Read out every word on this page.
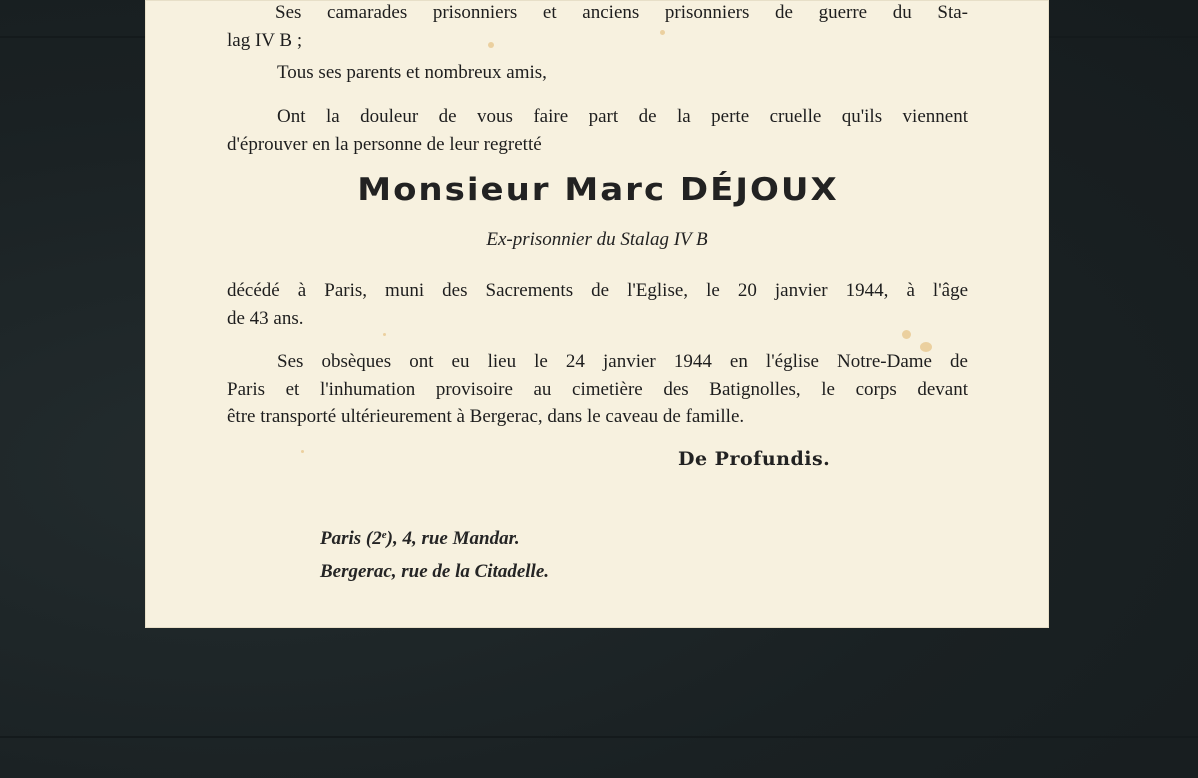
Ses camarades prisonniers et anciens prisonniers de guerre du Sta-
lag IV B ;
Tous ses parents et nombreux amis,
Ont la douleur de vous faire part de la perte cruelle qu'ils viennent
d'éprouver en la personne de leur regretté
Monsieur Marc DÉJOUX
Ex-prisonnier du Stalag IV B
décédé à Paris, muni des Sacrements de l'Eglise, le 20 janvier 1944, à l'âge
de 43 ans.
Ses obsèques ont eu lieu le 24 janvier 1944 en l'église Notre-Dame de
Paris et l'inhumation provisoire au cimetière des Batignolles, le corps devant
être transporté ultérieurement à Bergerac, dans le caveau de famille.
De Profundis.
Paris (2e), 4, rue Mandar.
Bergerac, rue de la Citadelle.
